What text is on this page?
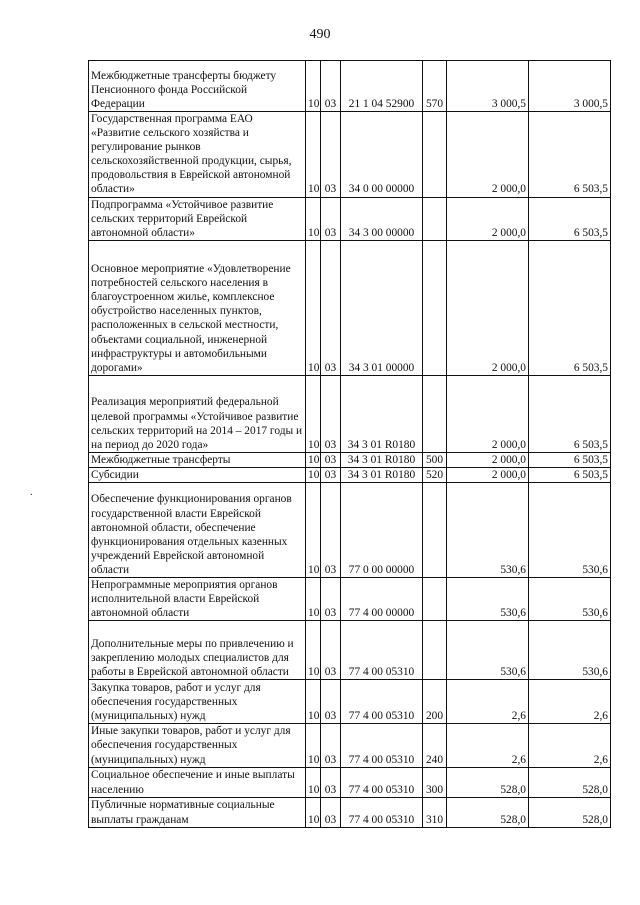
490
.
Межбюджетные трансферты бюджету Пенсионного фонда Российской Федерации	10	03	21 1 04 52900	570	3 000,5	3 000,5
Государственная программа ЕАО «Развитие сельского хозяйства и регулирование рынков сельскохозяйственной продукции, сырья, продовольствия в Еврейской автономной области»	10	03	34 0 00 00000		2 000,0	6 503,5
Подпрограмма «Устойчивое развитие сельских территорий Еврейской автономной области»	10	03	34 3 00 00000		2 000,0	6 503,5
Основное мероприятие «Удовлетворение потребностей сельского населения в благоустроенном жилье, комплексное обустройство населенных пунктов, расположенных в сельской местности, объектами социальной, инженерной инфраструктуры и автомобильными дорогами»	10	03	34 3 01 00000		2 000,0	6 503,5
Реализация мероприятий федеральной целевой программы «Устойчивое развитие сельских территорий на 2014 – 2017 годы и на период до 2020 года»	10	03	34 3 01 R0180		2 000,0	6 503,5
Межбюджетные трансферты	10	03	34 3 01 R0180	500	2 000,0	6 503,5
Субсидии	10	03	34 3 01 R0180	520	2 000,0	6 503,5
Обеспечение функционирования органов государственной власти Еврейской автономной области, обеспечение функционирования отдельных казенных учреждений Еврейской автономной области	10	03	77 0 00 00000		530,6	530,6
Непрограммные мероприятия органов исполнительной власти Еврейской автономной области	10	03	77 4 00 00000		530,6	530,6
Дополнительные меры по привлечению и закреплению молодых специалистов для работы в Еврейской автономной области	10	03	77 4 00 05310		530,6	530,6
Закупка товаров, работ и услуг для обеспечения государственных (муниципальных) нужд	10	03	77 4 00 05310	200	2,6	2,6
Иные закупки товаров, работ и услуг для обеспечения государственных (муниципальных) нужд	10	03	77 4 00 05310	240	2,6	2,6
Социальное обеспечение и иные выплаты населению	10	03	77 4 00 05310	300	528,0	528,0
Публичные нормативные социальные выплаты гражданам	10	03	77 4 00 05310	310	528,0	528,0
